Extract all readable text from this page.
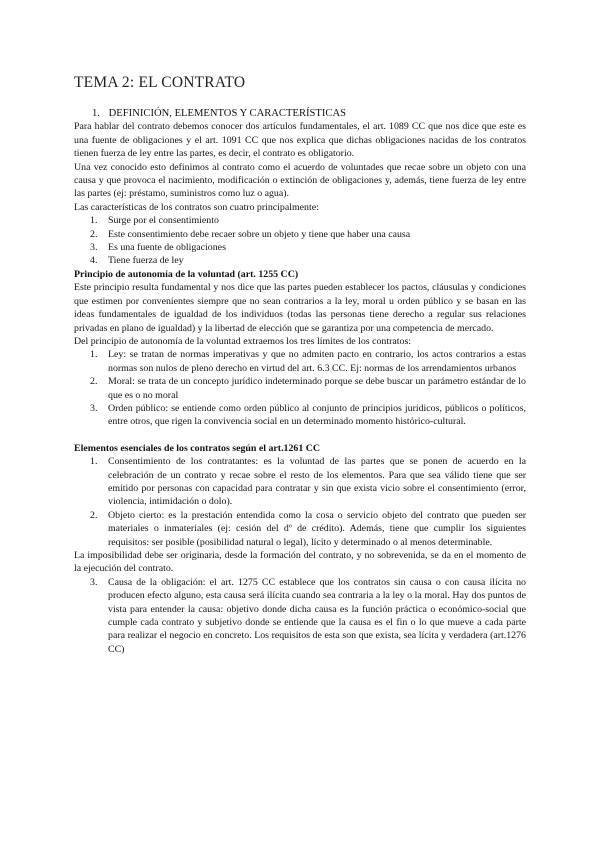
TEMA 2: EL CONTRATO

1. DEFINICIÓN, ELEMENTOS Y CARACTERÍSTICAS

Para hablar del contrato debemos conocer dos artículos fundamentales, el art. 1089 CC que nos dice que este es una fuente de obligaciones y el art. 1091 CC que nos explica que dichas obligaciones nacidas de los contratos tienen fuerza de ley entre las partes, es decir, el contrato es obligatorio.

Una vez conocido esto definimos al contrato como el acuerdo de voluntades que recae sobre un objeto con una causa y que provoca el nacimiento, modificación o extinción de obligaciones y, además, tiene fuerza de ley entre las partes (ej: préstamo, suministros como luz o agua).

Las características de los contratos son cuatro principalmente:

1. Surge por el consentimiento
2. Este consentimiento debe recaer sobre un objeto y tiene que haber una causa
3. Es una fuente de obligaciones
4. Tiene fuerza de ley

Principio de autonomía de la voluntad (art. 1255 CC)

Este principio resulta fundamental y nos dice que las partes pueden establecer los pactos, cláusulas y condiciones que estimen por convenientes siempre que no sean contrarios a la ley, moral u orden público y se basan en las ideas fundamentales de igualdad de los individuos (todas las personas tiene derecho a regular sus relaciones privadas en plano de igualdad) y la libertad de elección que se garantiza por una competencia de mercado.

Del principio de autonomía de la voluntad extraemos los tres límites de los contratos:

1. Ley: se tratan de normas imperativas y que no admiten pacto en contrario, los actos contrarios a estas normas son nulos de pleno derecho en virtud del art. 6.3 CC. Ej: normas de los arrendamientos urbanos
2. Moral: se trata de un concepto jurídico indeterminado porque se debe buscar un parámetro estándar de lo que es o no moral
3. Orden público: se entiende como orden público al conjunto de principios jurídicos, públicos o políticos, entre otros, que rigen la convivencia social en un determinado momento histórico-cultural.

Elementos esenciales de los contratos según el art.1261 CC

1. Consentimiento de los contratantes: es la voluntad de las partes que se ponen de acuerdo en la celebración de un contrato y recae sobre el resto de los elementos. Para que sea válido tiene que ser emitido por personas con capacidad para contratar y sin que exista vicio sobre el consentimiento (error, violencia, intimidación o dolo).
2. Objeto cierto: es la prestación entendida como la cosa o servicio objeto del contrato que pueden ser materiales o inmateriales (ej: cesión del dº de crédito). Además, tiene que cumplir los siguientes requisitos: ser posible (posibilidad natural o legal), lícito y determinado o al menos determinable.

La imposibilidad debe ser originaria, desde la formación del contrato, y no sobrevenida, se da en el momento de la ejecución del contrato.

3. Causa de la obligación: el art. 1275 CC establece que los contratos sin causa o con causa ilícita no producen efecto alguno, esta causa será ilícita cuando sea contraria a la ley o la moral. Hay dos puntos de vista para entender la causa: objetivo donde dicha causa es la función práctica o económico-social que cumple cada contrato y subjetivo donde se entiende que la causa es el fin o lo que mueve a cada parte para realizar el negocio en concreto. Los requisitos de esta son que exista, sea lícita y verdadera (art.1276 CC)
